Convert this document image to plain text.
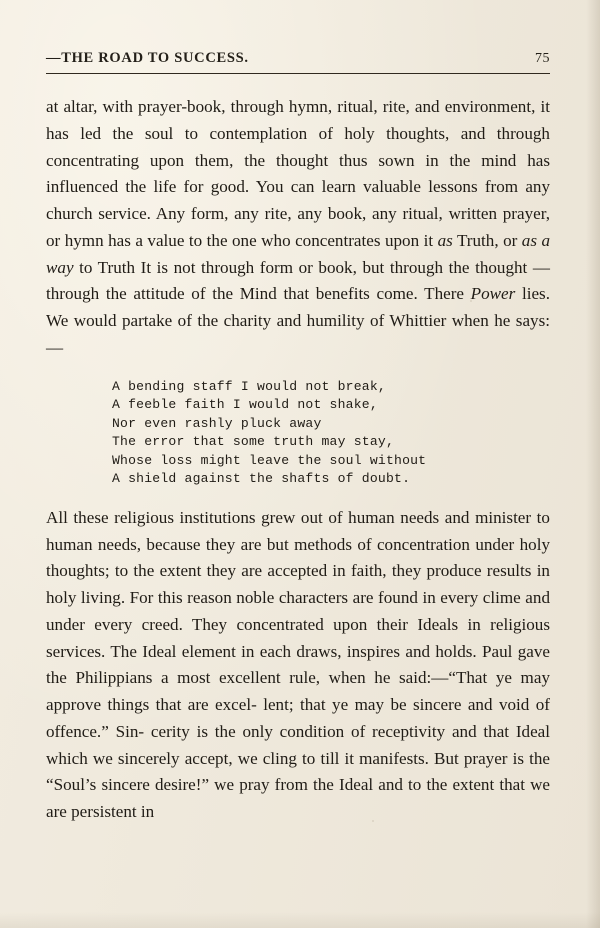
—THE ROAD TO SUCCESS.	75

at altar, with prayer-book, through hymn, ritual, rite, and environment, it has led the soul to contemplation of holy thoughts, and through concentrating upon them, the thought thus sown in the mind has influenced the life for good. You can learn valuable lessons from any church service. Any form, any rite, any book, any ritual, written prayer, or hymn has a value to the one who concentrates upon it as Truth, or as a way to Truth It is not through form or book, but through the thought —through the attitude of the Mind that benefits come. There Power lies. We would partake of the charity and humility of Whittier when he says:—

A bending staff I would not break,
A feeble faith I would not shake,
Nor even rashly pluck away
The error that some truth may stay,
Whose loss might leave the soul without
A shield against the shafts of doubt.

All these religious institutions grew out of human needs and minister to human needs, because they are but methods of concentration under holy thoughts; to the extent they are accepted in faith, they produce results in holy living. For this reason noble characters are found in every clime and under every creed. They concentrated upon their Ideals in religious services. The Ideal element in each draws, inspires and holds. Paul gave the Philippians a most excellent rule, when he said:—“That ye may approve things that are excel- lent; that ye may be sincere and void of offence.” Sin- cerity is the only condition of receptivity and that Ideal which we sincerely accept, we cling to till it manifests. But prayer is the “Soul’s sincere desire!” we pray from the Ideal and to the extent that we are persistent in
